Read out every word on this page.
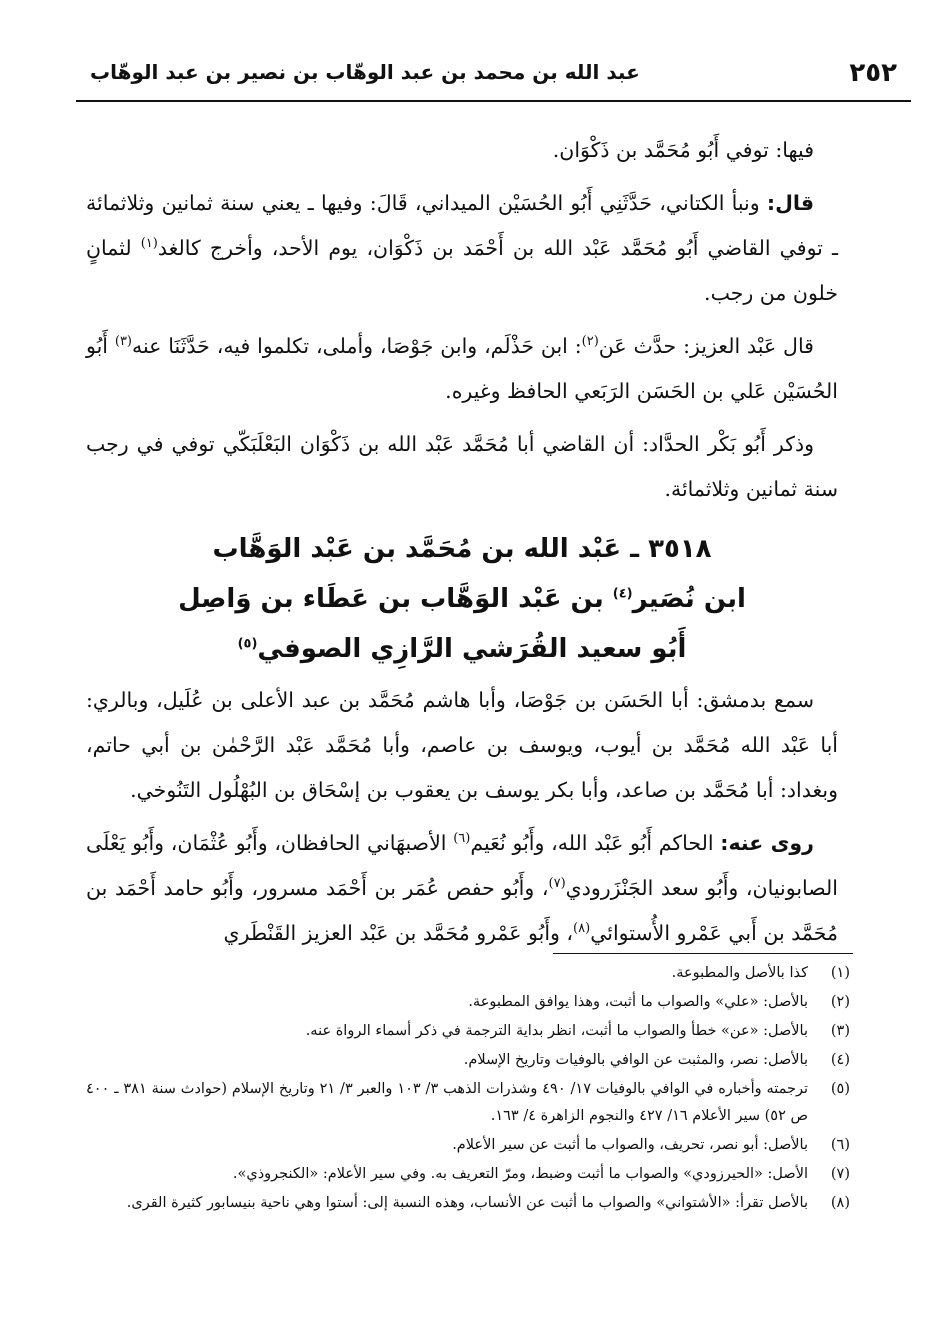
٢٥٢
عبد الله بن محمد بن عبد الوهّاب بن نصير بن عبد الوهّاب

فيها: توفي أَبُو مُحَمَّد بن ذَكْوَان.

قال: ونبأ الكتاني، حَدَّثَنِي أَبُو الحُسَيْن الميداني، قَالَ: وفيها ـ يعني سنة ثمانين وثلاثمائة ـ توفي القاضي أَبُو مُحَمَّد عَبْد الله بن أَحْمَد بن ذَكْوَان، يوم الأحد، وأخرج كالغد$^{(١)}$ لثمانٍ خلون من رجب.

قال عَبْد العزيز: حدَّث عَن$^{(٢)}$: ابن حَذْلَم، وابن جَوْصَا، وأملى، تكلموا فيه، حَدَّثَنَا عنه$^{(٣)}$ أَبُو الحُسَيْن عَلي بن الحَسَن الرَبَعي الحافظ وغيره.

وذكر أَبُو بَكْر الحدَّاد: أن القاضي أبا مُحَمَّد عَبْد الله بن ذَكْوَان البَعْلَبَكّي توفي في رجب سنة ثمانين وثلاثمائة.

٣٥١٨ ـ عَبْد الله بن مُحَمَّد بن عَبْد الوَهَّاب
ابن نُصَير$^{(٤)}$ بن عَبْد الوَهَّاب بن عَطَاء بن وَاصِل
أَبُو سعيد القُرَشي الرَّازِي الصوفي$^{(٥)}$

سمع بدمشق: أبا الحَسَن بن جَوْصَا، وأبا هاشم مُحَمَّد بن عبد الأعلى بن عُلَيل، وبالري: أبا عَبْد الله مُحَمَّد بن أيوب، ويوسف بن عاصم، وأبا مُحَمَّد عَبْد الرَّحْمٰن بن أبي حاتم، وبغداد: أبا مُحَمَّد بن صاعد، وأبا بكر يوسف بن يعقوب بن إسْحَاق بن البُهْلُول التَنُوخي.

روى عنه: الحاكم أَبُو عَبْد الله، وأَبُو نُعَيم$^{(٦)}$ الأصبهَاني الحافظان، وأَبُو عُثْمَان، وأَبُو يَعْلَى الصابونيان، وأَبُو سعد الجَنْزَرودي$^{(٧)}$، وأَبُو حفص عُمَر بن أَحْمَد مسرور، وأَبُو حامد أَحْمَد بن مُحَمَّد بن أَبي عَمْرو الأُستوائي$^{(٨)}$، وأَبُو عَمْرو مُحَمَّد بن عَبْد العزيز القَنْطَري

(١)
كذا بالأصل والمطبوعة.
(٢)
بالأصل: «علي» والصواب ما أثبت، وهذا يوافق المطبوعة.
(٣)
بالأصل: «عن» خطأ والصواب ما أثبت، انظر بداية الترجمة في ذكر أسماء الرواة عنه.
(٤)
بالأصل: نصر، والمثبت عن الوافي بالوفيات وتاريخ الإسلام.
(٥)
ترجمته وأخباره في الوافي بالوفيات ١٧/ ٤٩٠ وشذرات الذهب ٣/ ١٠٣ والعبر ٣/ ٢١ وتاريخ الإسلام (حوادث سنة ٣٨١ ـ ٤٠٠ ص ٥٢) سير الأعلام ١٦/ ٤٢٧ والنجوم الزاهرة ٤/ ١٦٣.
(٦)
بالأصل: أبو نصر، تحريف، والصواب ما أثبت عن سير الأعلام.
(٧)
الأصل: «الحيرزودي» والصواب ما أثبت وضبط، ومرّ التعريف به. وفي سير الأعلام: «الكنجروذي».
(٨)
بالأصل تقرأ: «الأشتواني» والصواب ما أثبت عن الأنساب، وهذه النسبة إلى: أستوا وهي ناحية بنيسابور كثيرة القرى.
